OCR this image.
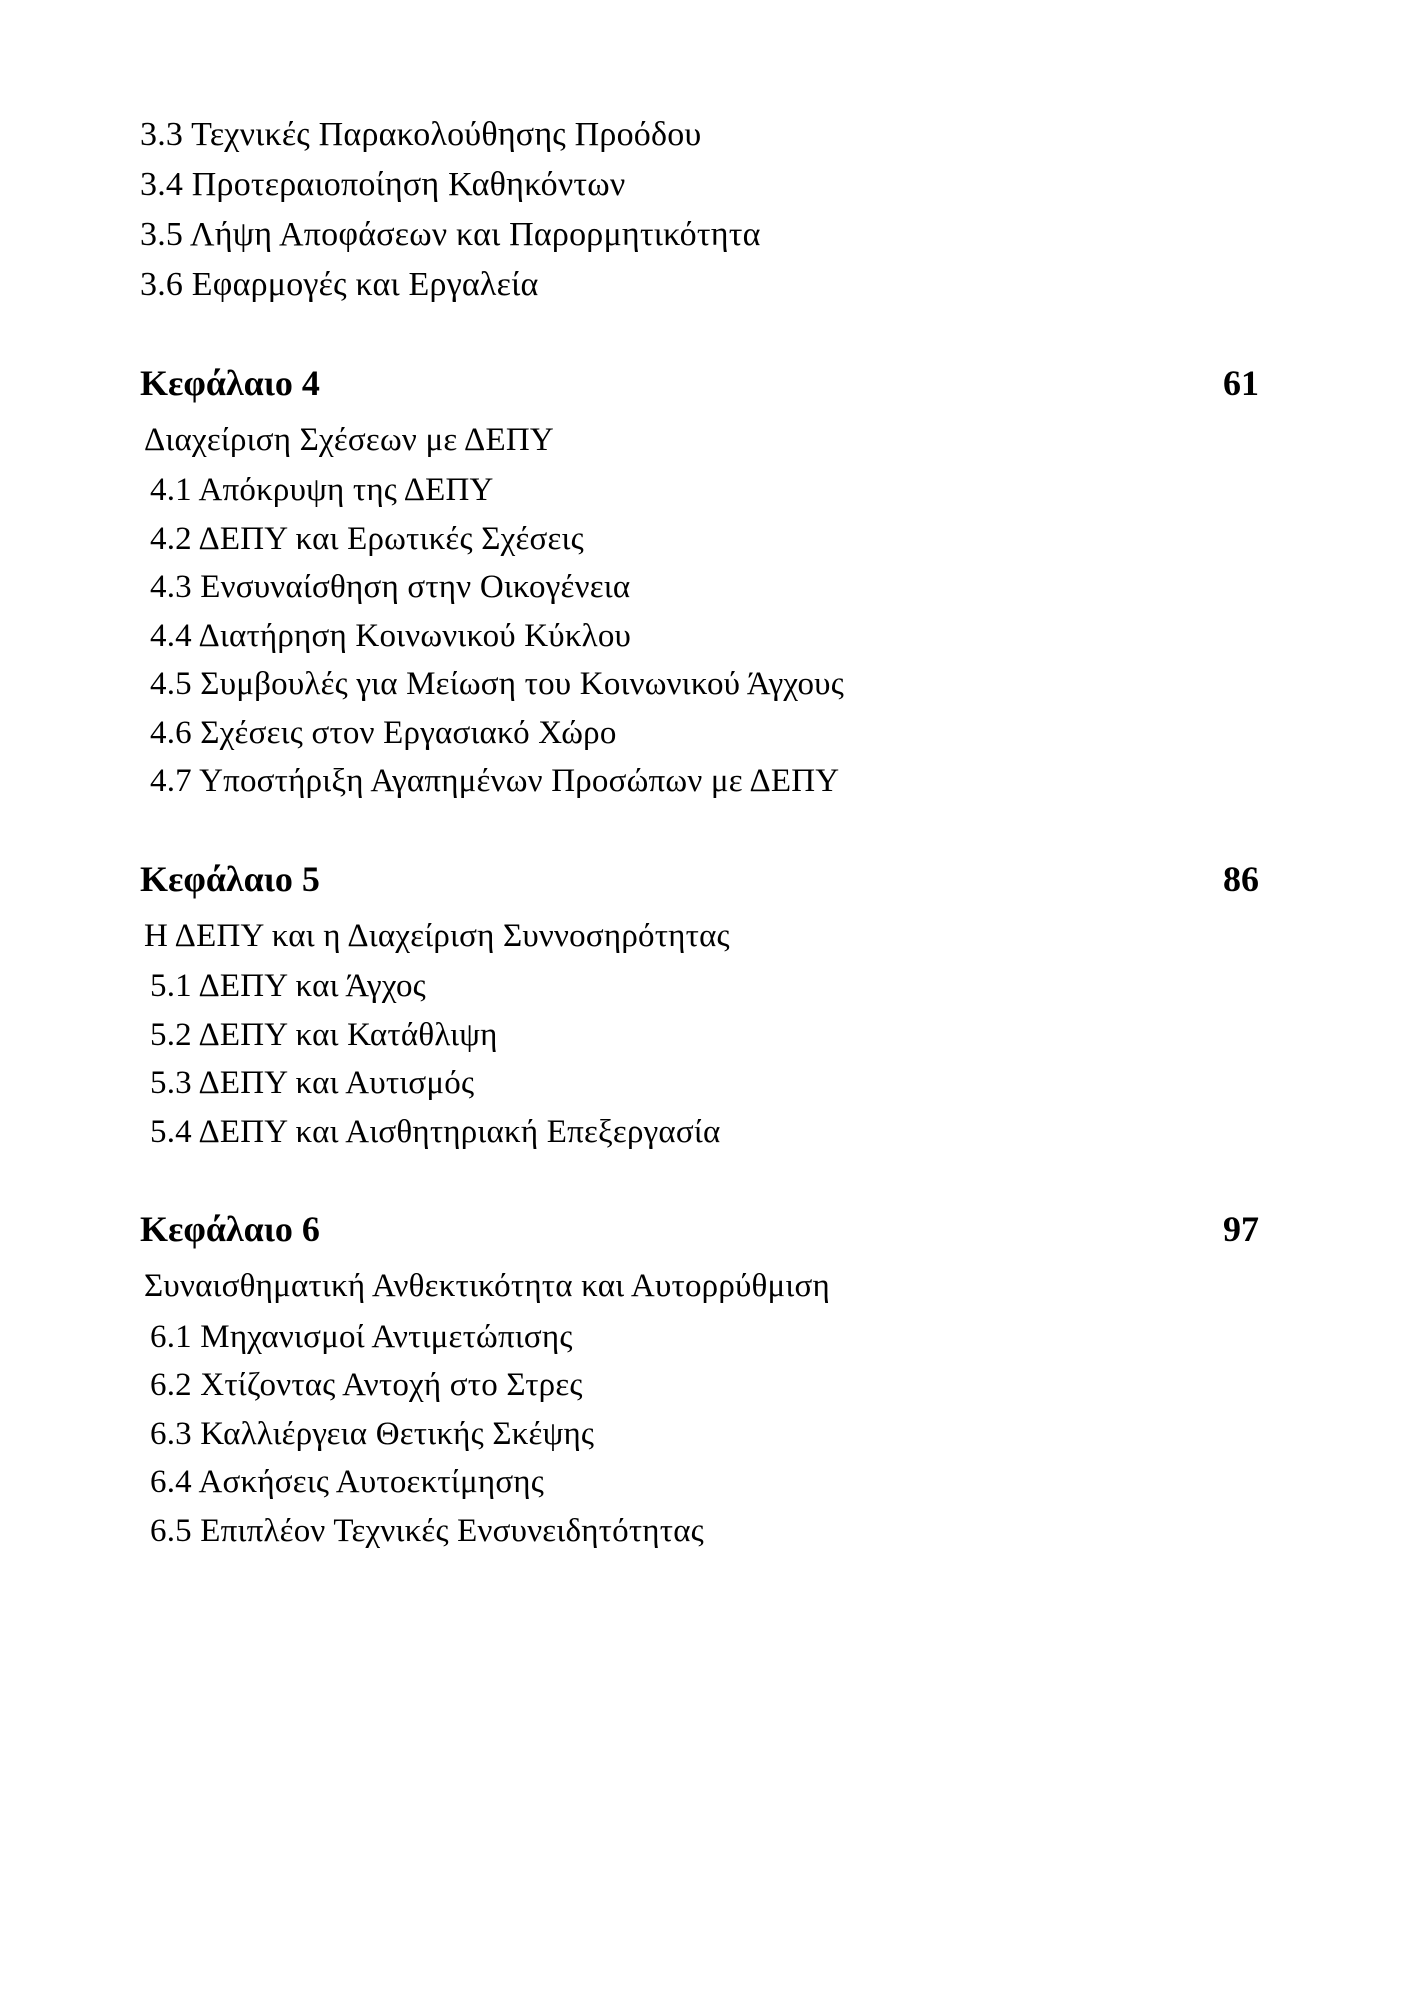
3.3 Τεχνικές Παρακολούθησης Προόδου
3.4 Προτεραιοποίηση Καθηκόντων
3.5 Λήψη Αποφάσεων και Παρορμητικότητα
3.6 Εφαρμογές και Εργαλεία
Κεφάλαιο 4	61
Διαχείριση Σχέσεων με ΔΕΠΥ
4.1 Απόκρυψη της ΔΕΠΥ
4.2 ΔΕΠΥ και Ερωτικές Σχέσεις
4.3 Ενσυναίσθηση στην Οικογένεια
4.4 Διατήρηση Κοινωνικού Κύκλου
4.5 Συμβουλές για Μείωση του Κοινωνικού Άγχους
4.6 Σχέσεις στον Εργασιακό Χώρο
4.7 Υποστήριξη Αγαπημένων Προσώπων με ΔΕΠΥ
Κεφάλαιο 5	86
Η ΔΕΠΥ και η Διαχείριση Συννοσηρότητας
5.1 ΔΕΠΥ και Άγχος
5.2 ΔΕΠΥ και Κατάθλιψη
5.3 ΔΕΠΥ και Αυτισμός
5.4 ΔΕΠΥ και Αισθητηριακή Επεξεργασία
Κεφάλαιο 6	97
Συναισθηματική Ανθεκτικότητα και Αυτορρύθμιση
6.1 Μηχανισμοί Αντιμετώπισης
6.2 Χτίζοντας Αντοχή στο Στρες
6.3 Καλλιέργεια Θετικής Σκέψης
6.4 Ασκήσεις Αυτοεκτίμησης
6.5 Επιπλέον Τεχνικές Ενσυνειδητότητας
